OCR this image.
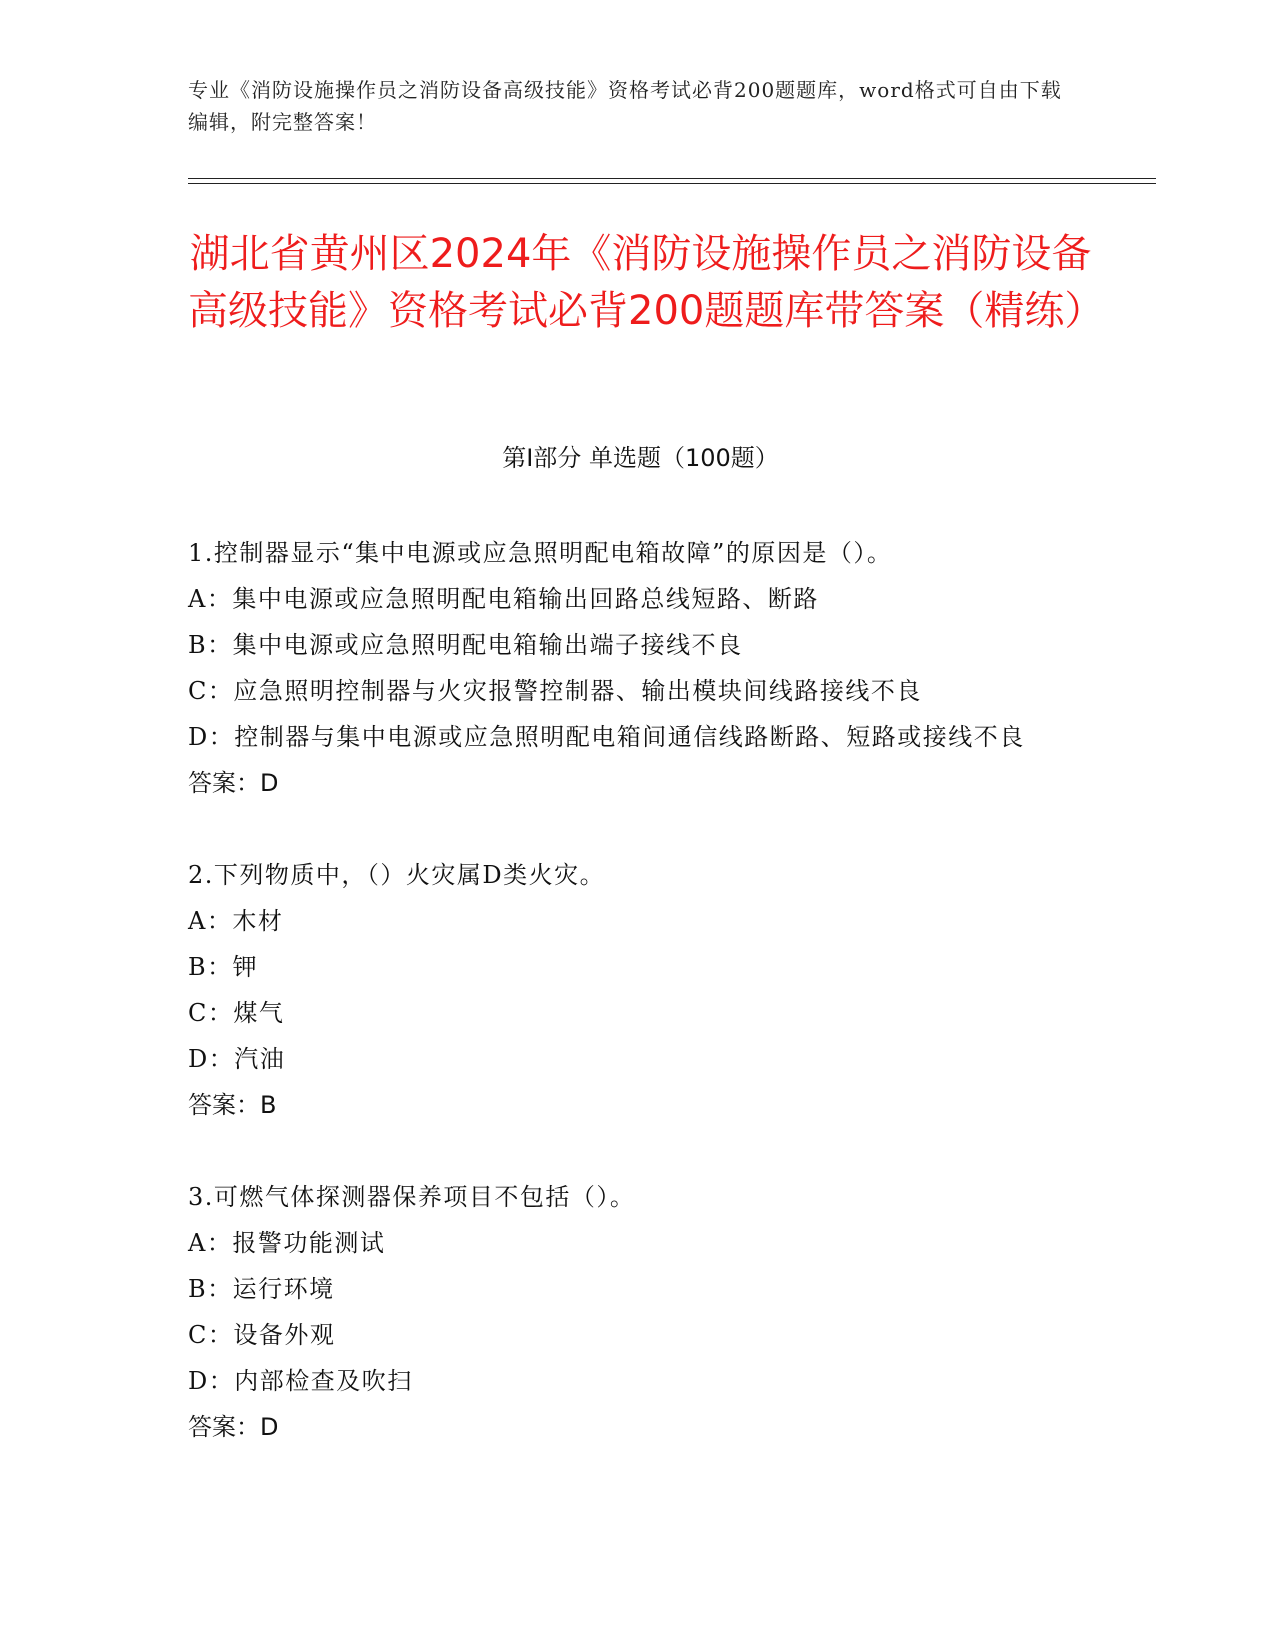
专业《消防设施操作员之消防设备高级技能》资格考试必背200题题库，word格式可自由下载编辑，附完整答案！
湖北省黄州区2024年《消防设施操作员之消防设备高级技能》资格考试必背200题题库带答案（精练）
第I部分 单选题（100题）
1.控制器显示“集中电源或应急照明配电箱故障”的原因是（）。
A：集中电源或应急照明配电箱输出回路总线短路、断路
B：集中电源或应急照明配电箱输出端子接线不良
C：应急照明控制器与火灾报警控制器、输出模块间线路接线不良
D：控制器与集中电源或应急照明配电箱间通信线路断路、短路或接线不良
答案：D
2.下列物质中，（）火灾属D类火灾。
A：木材
B：钾
C：煤气
D：汽油
答案：B
3.可燃气体探测器保养项目不包括（）。
A：报警功能测试
B：运行环境
C：设备外观
D：内部检查及吹扫
答案：D
